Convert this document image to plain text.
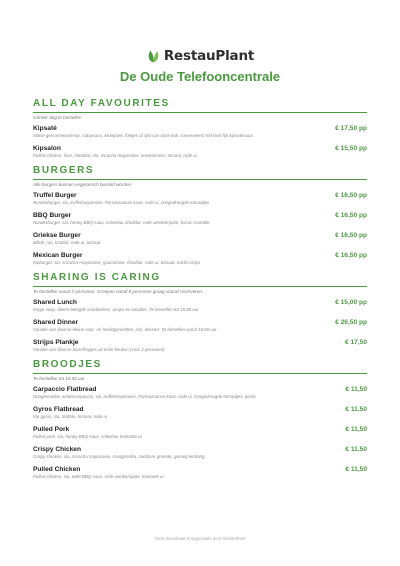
RestauPlant
De Oude Telefooncentrale
ALL DAY FAVOURITES
Gehele dag te bestellen
Kipsaté	€ 17,50 pp
Malse gemarineerde kip, sataysaus, kroepoek, frietjes of rijst van onze kok. Geserveerd met heel fijn kipsatèsaus.
Kipsalon	€ 15,50 pp
Pulled chicken, fries, cheddar, sla, sriracha mayonaise, komkommer, tomaat, rode ui
BURGERS
Alle burgers kunnen vegetarisch besteld worden
Truffel Burger	€ 16,50 pp
Runderburger, sla, truffelmayonaise, Parmezaanse kaas, rode ui, zongedroogde tomaatjes
BBQ Burger	€ 16,50 pp
Runderburger, sla, honey BBQ-saus, coleslaw, cheddar, rode uienkompote, bacon crumble
Griekse Burger	€ 16,50 pp
Biftek, ras, tzatziki, rode ui, tomaat
Mexican Burger	€ 16,50 pp
Kipburger, sla, sriracha-mayonaise, guacamole, cheddar, rode ui, tomaat, nacho chips
SHARING IS CARING
Te bestellen vanaf 2 personen. Groepen vanaf 8 personen graag vooraf reserveren.
Shared Lunch	€ 15,00 pp
Kopje soep, divers belegde sandwiches, wraps en salades. Te bestellen tot 16.00 uur
Shared Dinner	€ 26,50 pp
Variatie van diverse kleine voor- en hoofdgerechten, incl. dessert. Te bestellen vanaf 16.00 uur
Strijps Plankje	€ 17,50
Variatie van diverse borrelhapjes uit onze keuken (voor 2 personen)
BROODJES
Te bestellen tot 16.00 uur
Carpaccio Flatbread	€ 11,50
Dungesneden rundercarpaccio, sla, truffelmayonaise, Parmezaanse kaas, rode ui, zongedroogde tomaatjes, pesto
Gyros Flatbread	€ 11,50
Kip gyros, sla, tzatziki, tomaat, rode ui
Pulled Pork	€ 11,50
Pulled pork, sla, honey BBQ-saus, coleslaw, krokante ui
Crispy Chicken	€ 11,50
Crispy chicken, sla, sriracha mayonaise, mangosalsa, zoetzure groente, gorang kentang
Pulled Chicken	€ 11,50
Pulled chicken, sla, witte BBQ-saus, rode uienkompote, krokante ui
Deze menukaart is opgemaakt door RestauPlant
